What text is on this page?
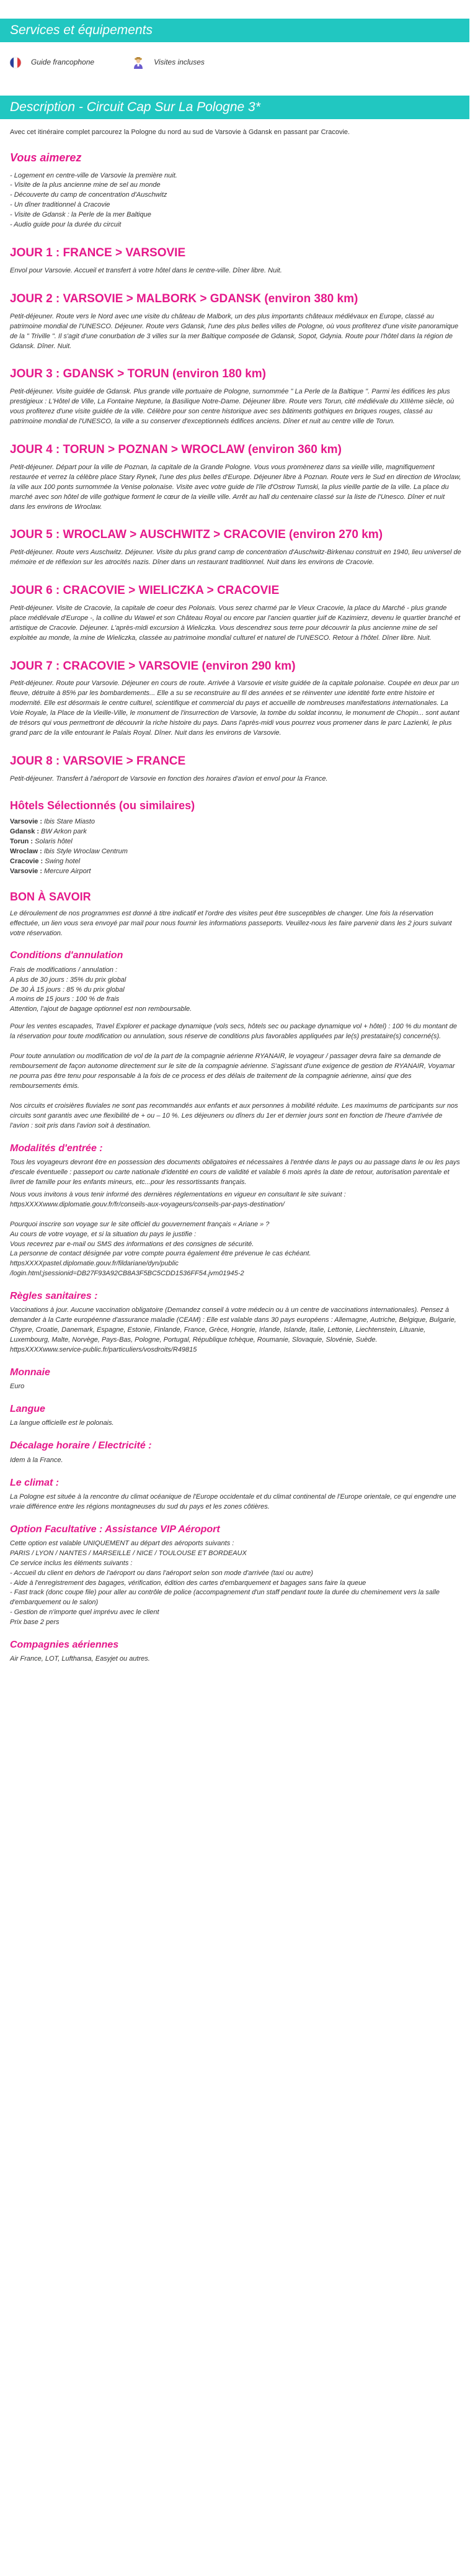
Services et équipements
Guide francophone	Visites incluses
Description - Circuit Cap Sur La Pologne 3*

Avec cet itinéraire complet parcourez la Pologne du nord au sud de Varsovie à Gdansk en passant par Cracovie.

Vous aimerez

- Logement en centre-ville de Varsovie la première nuit.

- Visite de la plus ancienne mine de sel au monde

- Découverte du camp de concentration d'Auschwitz

- Un dîner traditionnel à Cracovie

- Visite de Gdansk : la Perle de la mer Baltique

- Audio guide pour la durée du circuit

JOUR 1 : FRANCE > VARSOVIE

Envol pour Varsovie. Accueil et transfert à votre hôtel dans le centre-ville. Dîner libre. Nuit.

JOUR 2 : VARSOVIE > MALBORK > GDANSK (environ 380 km)

Petit-déjeuner. Route vers le Nord avec une visite du château de Malbork, un des plus importants châteaux médiévaux en Europe, classé au patrimoine mondial de l'UNESCO. Déjeuner. Route vers Gdansk, l'une des plus belles villes de Pologne, où vous profiterez d'une visite panoramique de la " Triville ". Il s'agit d'une conurbation de 3 villes sur la mer Baltique composée de Gdansk, Sopot, Gdynia. Route pour l'hôtel dans la région de Gdansk. Dîner. Nuit.

JOUR 3 : GDANSK > TORUN (environ 180 km)

Petit-déjeuner. Visite guidée de Gdansk. Plus grande ville portuaire de Pologne, surnommée " La Perle de la Baltique ". Parmi les édifices les plus prestigieux : L'Hôtel de Ville, La Fontaine Neptune, la Basilique Notre-Dame. Déjeuner libre. Route vers Torun, cité médiévale du XIIIème siècle, où vous profiterez d'une visite guidée de la ville. Célèbre pour son centre historique avec ses bâtiments gothiques en briques rouges, classé au patrimoine mondial de l'UNESCO, la ville a su conserver d'exceptionnels édifices anciens. Dîner et nuit au centre ville de Torun.

JOUR 4 : TORUN > POZNAN > WROCLAW (environ 360 km)

Petit-déjeuner. Départ pour la ville de Poznan, la capitale de la Grande Pologne. Vous vous promènerez dans sa vieille ville, magnifiquement restaurée et verrez la célèbre place Stary Rynek, l'une des plus belles d'Europe. Déjeuner libre à Poznan. Route vers le Sud en direction de Wroclaw, la ville aux 100 ponts surnommée la Venise polonaise. Visite avec votre guide de l'île d'Ostrow Tumski, la plus vieille partie de la ville. La place du marché avec son hôtel de ville gothique forment le cœur de la vieille ville. Arrêt au hall du centenaire classé sur la liste de l'Unesco. Dîner et nuit dans les environs de Wroclaw.

JOUR 5 : WROCLAW > AUSCHWITZ > CRACOVIE (environ 270 km)

Petit-déjeuner. Route vers Auschwitz. Déjeuner. Visite du plus grand camp de concentration d'Auschwitz-Birkenau construit en 1940, lieu universel de mémoire et de réflexion sur les atrocités nazis. Dîner dans un restaurant traditionnel. Nuit dans les environs de Cracovie.

JOUR 6 : CRACOVIE > WIELICZKA > CRACOVIE

Petit-déjeuner. Visite de Cracovie, la capitale de coeur des Polonais. Vous serez charmé par le Vieux Cracovie, la place du Marché - plus grande place médiévale d'Europe -, la colline du Wawel et son Château Royal ou encore par l'ancien quartier juif de Kazimierz, devenu le quartier branché et artistique de Cracovie. Déjeuner. L'après-midi excursion à Wieliczka. Vous descendrez sous terre pour découvrir la plus ancienne mine de sel exploitée au monde, la mine de Wieliczka, classée au patrimoine mondial culturel et naturel de l'UNESCO. Retour à l'hôtel. Dîner libre. Nuit.

JOUR 7 : CRACOVIE > VARSOVIE (environ 290 km)

Petit-déjeuner. Route pour Varsovie. Déjeuner en cours de route. Arrivée à Varsovie et visite guidée de la capitale polonaise. Coupée en deux par un fleuve, détruite à 85% par les bombardements... Elle a su se reconstruire au fil des années et se réinventer une identité forte entre histoire et modernité. Elle est désormais le centre culturel, scientifique et commercial du pays et accueille de nombreuses manifestations internationales. La Voie Royale, la Place de la Vieille-Ville, le monument de l'insurrection de Varsovie, la tombe du soldat inconnu, le monument de Chopin... sont autant de trésors qui vous permettront de découvrir la riche histoire du pays. Dans l'après-midi vous pourrez vous promener dans le parc Lazienki, le plus grand parc de la ville entourant le Palais Royal. Dîner. Nuit dans les environs de Varsovie.

JOUR 8 : VARSOVIE > FRANCE

Petit-déjeuner. Transfert à l'aéroport de Varsovie en fonction des horaires d'avion et envol pour la France.

Hôtels Sélectionnés (ou similaires)

Varsovie : Ibis Stare Miasto

Gdansk : BW Arkon park

Torun : Solaris hôtel

Wroclaw : Ibis Style Wroclaw Centrum

Cracovie : Swing hotel

Varsovie : Mercure Airport

BON À SAVOIR

Le déroulement de nos programmes est donné à titre indicatif et l'ordre des visites peut être susceptibles de changer. Une fois la réservation effectuée, un lien vous sera envoyé par mail pour nous fournir les informations passeports. Veuillez-nous les faire parvenir dans les 2 jours suivant votre réservation.

Conditions d'annulation

Frais de modifications / annulation :

A plus de 30 jours : 35% du prix global

De 30 À 15 jours : 85 % du prix global

A moins de 15 jours : 100 % de frais

Attention, l'ajout de bagage optionnel est non remboursable.

Pour les ventes escapades, Travel Explorer et package dynamique (vols secs, hôtels sec ou package dynamique vol + hôtel) : 100 % du montant de la réservation pour toute modification ou annulation, sous réserve de conditions plus favorables appliquées par le(s) prestataire(s) concerné(s).

Pour toute annulation ou modification de vol de la part de la compagnie aérienne RYANAIR, le voyageur / passager devra faire sa demande de remboursement de façon autonome directement sur le site de la compagnie aérienne. S'agissant d'une exigence de gestion de RYANAIR, Voyamar ne pourra pas être tenu pour responsable à la fois de ce process et des délais de traitement de la compagnie aérienne, ainsi que des remboursements émis.

Nos circuits et croisières fluviales ne sont pas recommandés aux enfants et aux personnes à mobilité réduite. Les maximums de participants sur nos circuits sont garantis avec une flexibilité de + ou – 10 %. Les déjeuners ou dîners du 1er et dernier jours sont en fonction de l'heure d'arrivée de l'avion : soit pris dans l'avion soit à destination.

Modalités d'entrée :

Tous les voyageurs devront être en possession des documents obligatoires et nécessaires à l'entrée dans le pays ou au passage dans le ou les pays d'escale éventuelle : passeport ou carte nationale d'identité en cours de validité et valable 6 mois après la date de retour, autorisation parentale et livret de famille pour les enfants mineurs, etc...pour les ressortissants français.

Nous vous invitons à vous tenir informé des dernières réglementations en vigueur en consultant le site suivant : httpsXXXXwww.diplomatie.gouv.fr/fr/conseils-aux-voyageurs/conseils-par-pays-destination/

Pourquoi inscrire son voyage sur le site officiel du gouvernement français « Ariane » ?

Au cours de votre voyage, et si la situation du pays le justifie :

Vous recevrez par e-mail ou SMS des informations et des consignes de sécurité.

La personne de contact désignée par votre compte pourra également être prévenue le cas échéant.

httpsXXXXpastel.diplomatie.gouv.fr/fildariane/dyn/public

/login.html;jsessionid=DB27F93A92CB8A3F5BC5CDD1536FF54.jvm01945-2

Règles sanitaires :

Vaccinations à jour. Aucune vaccination obligatoire (Demandez conseil à votre médecin ou à un centre de vaccinations internationales). Pensez à demander à la Carte européenne d'assurance maladie (CEAM) : Elle est valable dans 30 pays européens : Allemagne, Autriche, Belgique, Bulgarie, Chypre, Croatie, Danemark, Espagne, Estonie, Finlande, France, Grèce, Hongrie, Irlande, Islande, Italie, Lettonie, Liechtenstein, Lituanie, Luxembourg, Malte, Norvège, Pays-Bas, Pologne, Portugal, République tchèque, Roumanie, Slovaquie, Slovénie, Suède.

httpsXXXXwww.service-public.fr/particuliers/vosdroits/R49815

Monnaie

Euro

Langue

La langue officielle est le polonais.

Décalage horaire / Electricité :

Idem à la France.

Le climat :

La Pologne est située à la rencontre du climat océanique de l'Europe occidentale et du climat continental de l'Europe orientale, ce qui engendre une vraie différence entre les régions montagneuses du sud du pays et les zones côtières.

Option Facultative : Assistance VIP Aéroport

Cette option est valable UNIQUEMENT au départ des aéroports suivants :

PARIS / LYON / NANTES / MARSEILLE / NICE / TOULOUSE ET BORDEAUX

Ce service inclus les éléments suivants :

- Accueil du client en dehors de l'aéroport ou dans l'aéroport selon son mode d'arrivée (taxi ou autre)

- Aide à l'enregistrement des bagages, vérification, édition des cartes d'embarquement et bagages sans faire la queue

- Fast track (donc coupe file) pour aller au contrôle de police (accompagnement d'un staff pendant toute la durée du cheminement vers la salle d'embarquement ou le salon)

- Gestion de n'importe quel imprévu avec le client

Prix base 2 pers

Compagnies aériennes

Air France, LOT, Lufthansa, Easyjet ou autres.
